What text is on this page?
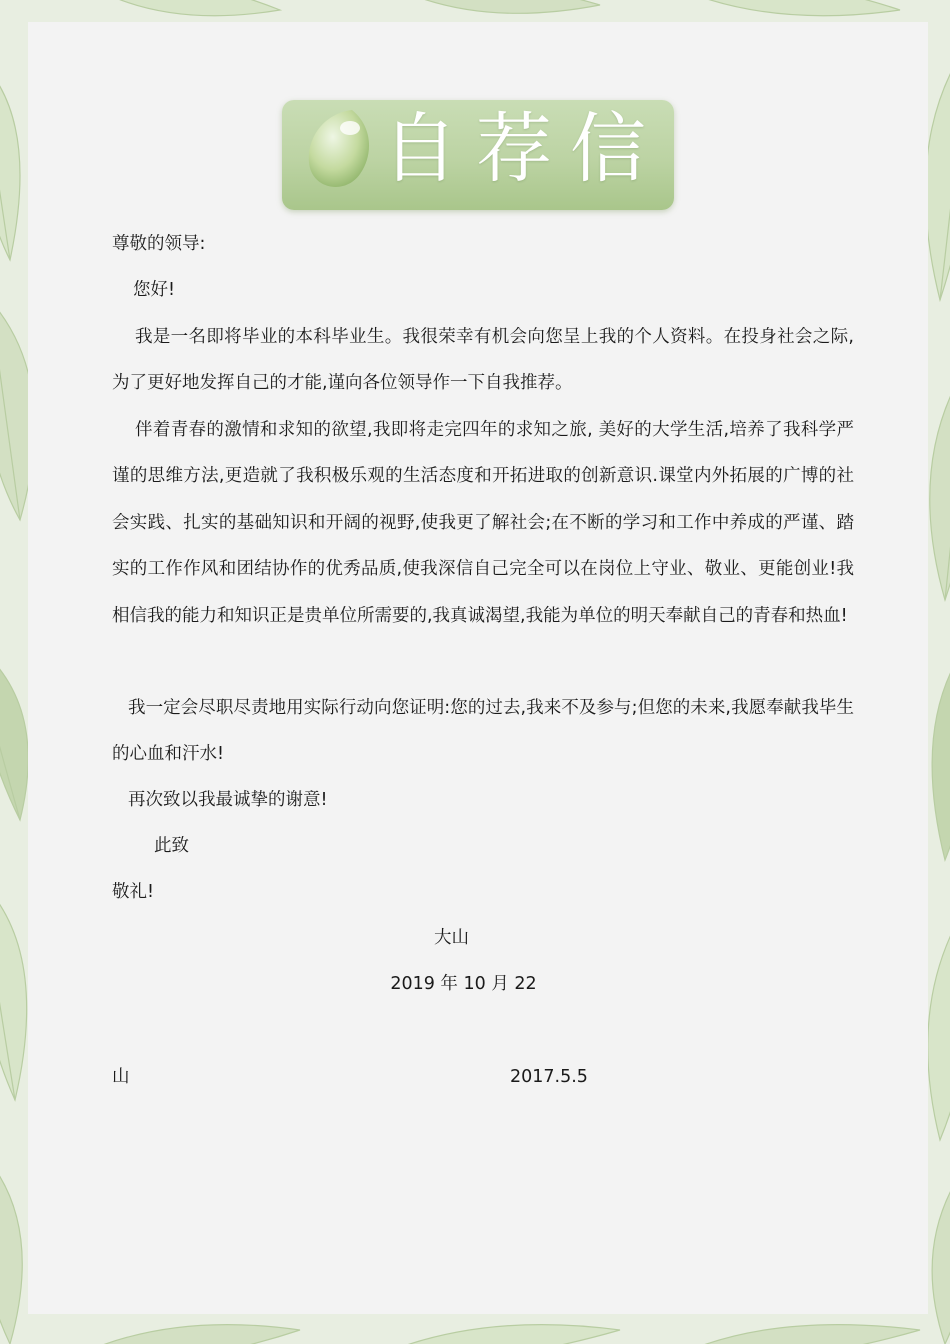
自荐信
尊敬的领导:
您好!
我是一名即将毕业的本科毕业生。我很荣幸有机会向您呈上我的个人资料。在投身社会之际,为了更好地发挥自己的才能,谨向各位领导作一下自我推荐。
伴着青春的激情和求知的欲望,我即将走完四年的求知之旅, 美好的大学生活,培养了我科学严谨的思维方法,更造就了我积极乐观的生活态度和开拓进取的创新意识.课堂内外拓展的广博的社会实践、扎实的基础知识和开阔的视野,使我更了解社会;在不断的学习和工作中养成的严谨、踏实的工作作风和团结协作的优秀品质,使我深信自己完全可以在岗位上守业、敬业、更能创业!我相信我的能力和知识正是贵单位所需要的,我真诚渴望,我能为单位的明天奉献自己的青春和热血!
我一定会尽职尽责地用实际行动向您证明:您的过去,我来不及参与;但您的未来,我愿奉献我毕生的心血和汗水!
再次致以我最诚挚的谢意!
此致
敬礼!
大山
2019 年 10 月 22
山	2017.5.5
